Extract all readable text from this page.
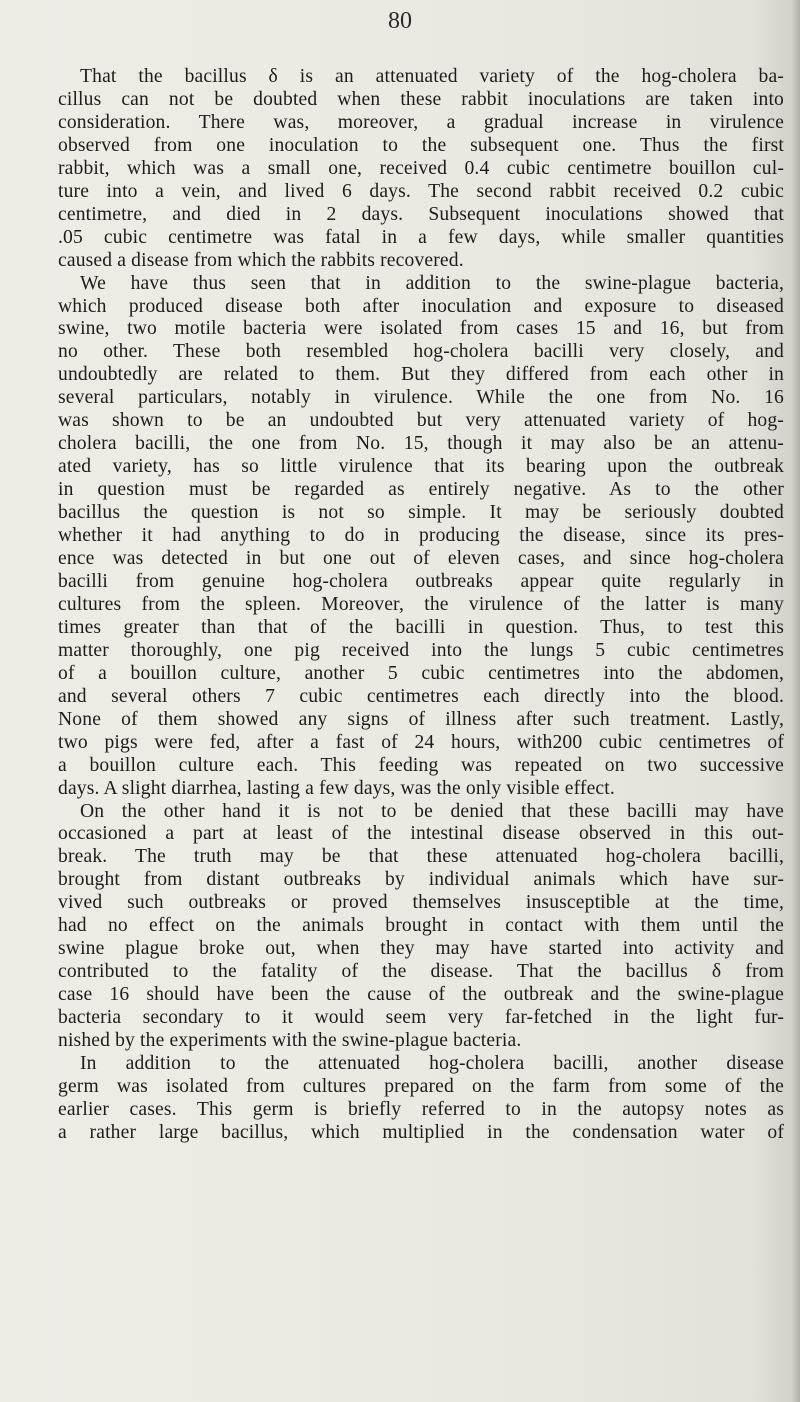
80
That the bacillus δ is an attenuated variety of the hog-cholera ba-
cillus can not be doubted when these rabbit inoculations are taken into
consideration. There was, moreover, a gradual increase in virulence
observed from one inoculation to the subsequent one. Thus the first
rabbit, which was a small one, received 0.4 cubic centimetre bouillon cul-
ture into a vein, and lived 6 days. The second rabbit received 0.2 cubic
centimetre, and died in 2 days. Subsequent inoculations showed that
.05 cubic centimetre was fatal in a few days, while smaller quantities
caused a disease from which the rabbits recovered.
We have thus seen that in addition to the swine-plague bacteria,
which produced disease both after inoculation and exposure to diseased
swine, two motile bacteria were isolated from cases 15 and 16, but from
no other. These both resembled hog-cholera bacilli very closely, and
undoubtedly are related to them. But they differed from each other in
several particulars, notably in virulence. While the one from No. 16
was shown to be an undoubted but very attenuated variety of hog-
cholera bacilli, the one from No. 15, though it may also be an attenu-
ated variety, has so little virulence that its bearing upon the outbreak
in question must be regarded as entirely negative. As to the other
bacillus the question is not so simple. It may be seriously doubted
whether it had anything to do in producing the disease, since its pres-
ence was detected in but one out of eleven cases, and since hog-cholera
bacilli from genuine hog-cholera outbreaks appear quite regularly in
cultures from the spleen. Moreover, the virulence of the latter is many
times greater than that of the bacilli in question. Thus, to test this
matter thoroughly, one pig received into the lungs 5 cubic centimetres
of a bouillon culture, another 5 cubic centimetres into the abdomen,
and several others 7 cubic centimetres each directly into the blood.
None of them showed any signs of illness after such treatment. Lastly,
two pigs were fed, after a fast of 24 hours, with200 cubic centimetres of
a bouillon culture each. This feeding was repeated on two successive
days. A slight diarrhea, lasting a few days, was the only visible effect.
On the other hand it is not to be denied that these bacilli may have
occasioned a part at least of the intestinal disease observed in this out-
break. The truth may be that these attenuated hog-cholera bacilli,
brought from distant outbreaks by individual animals which have sur-
vived such outbreaks or proved themselves insusceptible at the time,
had no effect on the animals brought in contact with them until the
swine plague broke out, when they may have started into activity and
contributed to the fatality of the disease. That the bacillus δ from
case 16 should have been the cause of the outbreak and the swine-plague
bacteria secondary to it would seem very far-fetched in the light fur-
nished by the experiments with the swine-plague bacteria.
In addition to the attenuated hog-cholera bacilli, another disease
germ was isolated from cultures prepared on the farm from some of the
earlier cases. This germ is briefly referred to in the autopsy notes as
a rather large bacillus, which multiplied in the condensation water of
